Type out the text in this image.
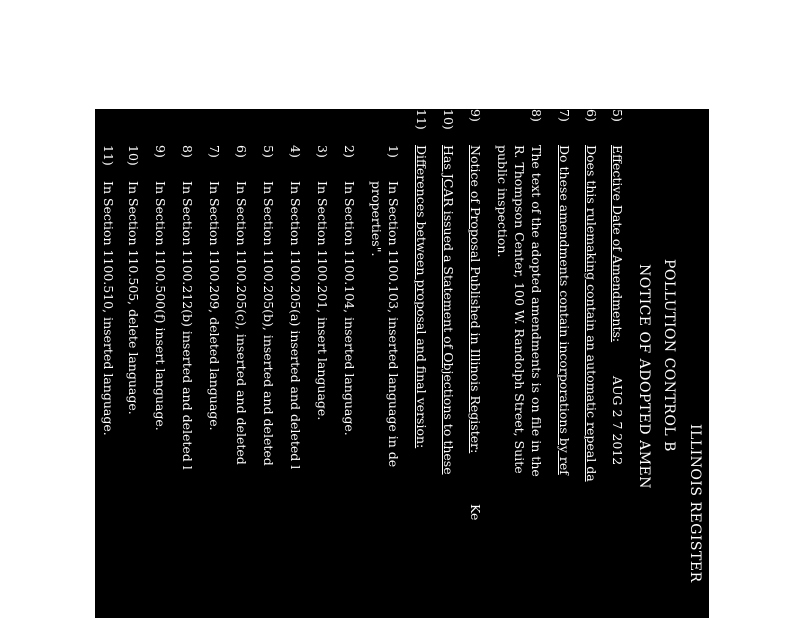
ILLINOIS REGISTER
POLLUTION CONTROL B
NOTICE OF ADOPTED AMEN
5)
Effective Date of Amendments:
AUG 2 7 2012
6)
Does this rulemaking contain an automatic repeal da
7)
Do these amendments contain incorporations by ref
8)
The text of the adopted amendments is on file in the
R. Thompson Center, 100 W. Randolph Street, Suite
public inspection.
9)
Notice of Proposal Published in Illinois Register:
Ke
10)
Has JCAR issued a Statement of Objections to these
11)
Differences between proposal and final version:
1)
In Section 1100.103, inserted language in de
properties".
2)
In Section 1100.104, inserted language.
3)
In Section 1100.201, insert language.
4)
In Section 1100.205(a) inserted and deleted l
5)
In Section 1100.205(b), inserted and deleted
6)
In Section 1100.205(c), inserted and deleted
7)
In Section 1100.209, deleted language.
8)
In Section 1100.212(b) inserted and deleted l
9)
In Section 1100.500(f) insert language.
10)
In Section 110.505, delete language.
11)
In Section 1100.510, inserted language.
12)
In Section 1100.515, change effective date.
